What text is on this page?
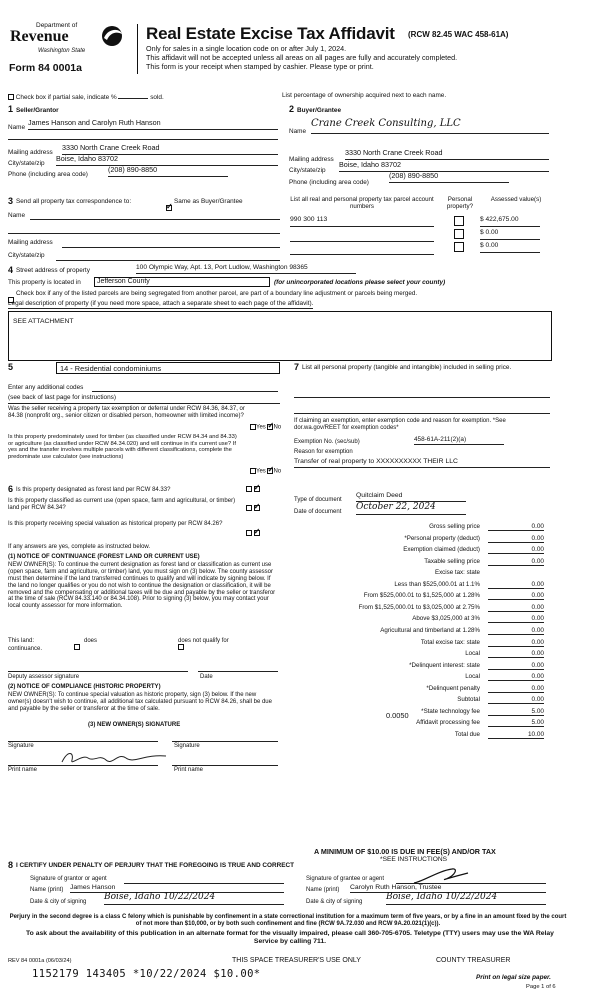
Department of
Revenue
Washington State
Form 84 0001a
Real Estate Excise Tax Affidavit (RCW 82.45 WAC 458-61A)
Only for sales in a single location code on or after July 1, 2024.
This affidavit will not be accepted unless all areas on all pages are fully and accurately completed.
This form is your receipt when stamped by cashier. Please type or print.
Check box if partial sale, indicate %	sold.	List percentage of ownership acquired next to each name.
1 Seller/Grantor
Name
James Hanson and Carolyn Ruth Hanson
Mailing address
3330 North Crane Creek Road
City/state/zip
Boise, Idaho 83702
Phone (including area code)
(208) 890-8850
2 Buyer/Grantee
Name
Crane Creek Consulting, LLC
Mailing address
3330 North Crane Creek Road
City/state/zip
Boise, Idaho 83702
Phone (including area code)
(208) 890-8850
3 Send all property tax correspondence to:
✓	Same as Buyer/Grantee
Name
Mailing address
City/state/zip
List all real and personal property tax parcel account numbers
Personal property?
Assessed value(s)
990 300 113	$ 422,675.00
$ 0.00
$ 0.00
4 Street address of property	100 Olympic Way, Apt. 13, Port Ludlow, Washington 98365
This property is located in	Jefferson County	(for unincorporated locations please select your county)
Check box if any of the listed parcels are being segregated from another parcel, are part of a boundary line adjustment or parcels being merged.
Legal description of property (if you need more space, attach a separate sheet to each page of the affidavit).
SEE ATTACHMENT
5	14 - Residential condominiums
Enter any additional codes
(see back of last page for instructions)
Was the seller receiving a property tax exemption or deferral under RCW 84.36, 84.37, or 84.38 (nonprofit org., senior citizen or disabled person, homeowner with limited income)?
Yes ✓ No
Is this property predominately used for timber (as classified under RCW 84.34 and 84.33) or agriculture (as classified under RCW 84.34.020) and will continue in it's current use? If yes and the transfer involves multiple parcels with different classifications, complete the predominate use calculator (see instructions)
Yes ✓ No
6 Is this property designated as forest land per RCW 84.33?
✓
Is this property classified as current use (open space, farm and agricultural, or timber) land per RCW 84.34?
✓
Is this property receiving special valuation as historical property per RCW 84.26?
✓
If any answers are yes, complete as instructed below.
(1) NOTICE OF CONTINUANCE (FOREST LAND OR CURRENT USE)
NEW OWNER(S): To continue the current designation as forest land or classification as current use (open space, farm and agriculture, or timber) land, you must sign on (3) below. The county assessor must then determine if the land transferred continues to qualify and will indicate by signing below. If the land no longer qualifies or you do not wish to continue the designation or classification, it will be removed and the compensating or additional taxes will be due and payable by the seller or transferor at the time of sale (RCW 84.33.140 or 84.34.108). Prior to signing (3) below, you may contact your local county assessor for more information.
This land:
	does	does not qualify for
continuance.
Deputy assessor signature	Date
(2) NOTICE OF COMPLIANCE (HISTORIC PROPERTY)
NEW OWNER(S): To continue special valuation as historic property, sign (3) below. If the new owner(s) doesn't wish to continue, all additional tax calculated pursuant to RCW 84.26, shall be due and payable by the seller or transferor at the time of sale.
(3) NEW OWNER(S) SIGNATURE
Signature	Signature
Print name	Print name
7 List all personal property (tangible and intangible) included in selling price.
If claiming an exemption, enter exemption code and reason for exemption. *See dor.wa.gov/REET for exemption codes*
Exemption No. (sec/sub)	458-61A-211(2)(a)
Reason for exemption
Transfer of real property to XXXXXXXXXX THEIR LLC
Type of document
Quitclaim Deed
Date of document October 22, 2024
Gross selling price	0.00
*Personal property (deduct)	0.00
Exemption claimed (deduct)	0.00
Taxable selling price	0.00
Excise tax: state
Less than $525,000.01 at 1.1%	0.00
From $525,000.01 to $1,525,000 at 1.28%	0.00
From $1,525,000.01 to $3,025,000 at 2.75%	0.00
Above $3,025,000 at 3%	0.00
Agricultural and timberland at 1.28%	0.00
Total excise tax: state	0.00
Local	0.00
*Delinquent interest: state	0.00
Local	0.00
*Delinquent penalty	0.00
Subtotal	0.00
*State technology fee	5.00
Affidavit processing fee	5.00
Total due	10.00
0.0050
A MINIMUM OF $10.00 IS DUE IN FEE(S) AND/OR TAX
*SEE INSTRUCTIONS
8 I CERTIFY UNDER PENALTY OF PERJURY THAT THE FOREGOING IS TRUE AND CORRECT
Signature of grantor or agent	Signature of grantee or agent
Name (print) James Hanson	Name (print) Carolyn Ruth Hanson, Trustee
Date & city of signing Boise, Idaho 10/22/2024	Date & city of signing	Boise, Idaho 10/22/2024
Perjury in the second degree is a class C felony which is punishable by confinement in a state correctional institution for a maximum term of five years, or by a fine in an amount fixed by the court of not more than $10,000, or by both such confinement and fine (RCW 9A.72.030 and RCW 9A.20.021(1)(c)).
To ask about the availability of this publication in an alternate format for the visually impaired, please call 360-705-6705. Teletype (TTY) users may use the WA Relay Service by calling 711.
REV 84 0001a (06/03/24)	THIS SPACE TREASURER'S USE ONLY	COUNTY TREASURER
1152179 143405 *10/22/2024 $10.00*	Print on legal size paper.
Page 1 of 6
